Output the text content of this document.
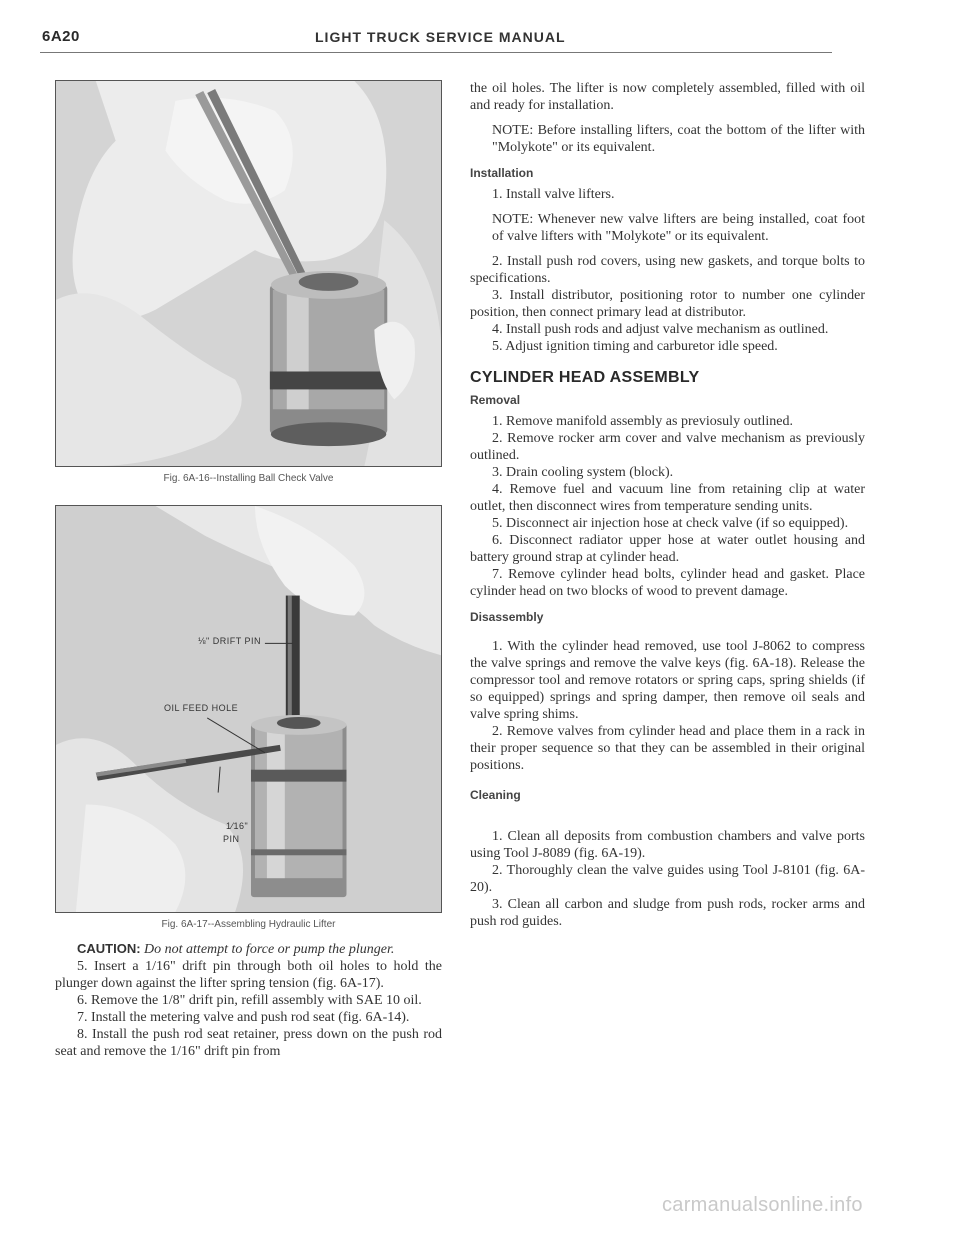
6A20	LIGHT TRUCK SERVICE MANUAL
Fig. 6A-16--Installing Ball Check Valve
⅛" DRIFT PIN
OIL FEED HOLE
1⁄16"
PIN
Fig. 6A-17--Assembling Hydraulic Lifter
CAUTION: Do not attempt to force or pump the plunger.

5. Insert a 1/16" drift pin through both oil holes to hold the plunger down against the lifter spring tension (fig. 6A-17).

6. Remove the 1/8" drift pin, refill assembly with SAE 10 oil.

7. Install the metering valve and push rod seat (fig. 6A-14).

8. Install the push rod seat retainer, press down on the push rod seat and remove the 1/16" drift pin from

the oil holes. The lifter is now completely assembled, filled with oil and ready for installation.

NOTE: Before installing lifters, coat the bottom of the lifter with "Molykote" or its equivalent.

Installation

1. Install valve lifters.

NOTE: Whenever new valve lifters are being installed, coat foot of valve lifters with "Molykote" or its equivalent.

2. Install push rod covers, using new gaskets, and torque bolts to specifications.

3. Install distributor, positioning rotor to number one cylinder position, then connect primary lead at distributor.

4. Install push rods and adjust valve mechanism as outlined.

5. Adjust ignition timing and carburetor idle speed.

CYLINDER HEAD ASSEMBLY
Removal

1. Remove manifold assembly as previosuly outlined.

2. Remove rocker arm cover and valve mechanism as previously outlined.

3. Drain cooling system (block).

4. Remove fuel and vacuum line from retaining clip at water outlet, then disconnect wires from temperature sending units.

5. Disconnect air injection hose at check valve (if so equipped).

6. Disconnect radiator upper hose at water outlet housing and battery ground strap at cylinder head.

7. Remove cylinder head bolts, cylinder head and gasket. Place cylinder head on two blocks of wood to prevent damage.

Disassembly

1. With the cylinder head removed, use tool J-8062 to compress the valve springs and remove the valve keys (fig. 6A-18). Release the compressor tool and remove rotators or spring caps, spring shields (if so equipped) springs and spring damper, then remove oil seals and valve spring shims.

2. Remove valves from cylinder head and place them in a rack in their proper sequence so that they can be assembled in their original positions.

Cleaning

1. Clean all deposits from combustion chambers and valve ports using Tool J-8089 (fig. 6A-19).

2. Thoroughly clean the valve guides using Tool J-8101 (fig. 6A-20).

3. Clean all carbon and sludge from push rods, rocker arms and push rod guides.

carmanualsonline.info
